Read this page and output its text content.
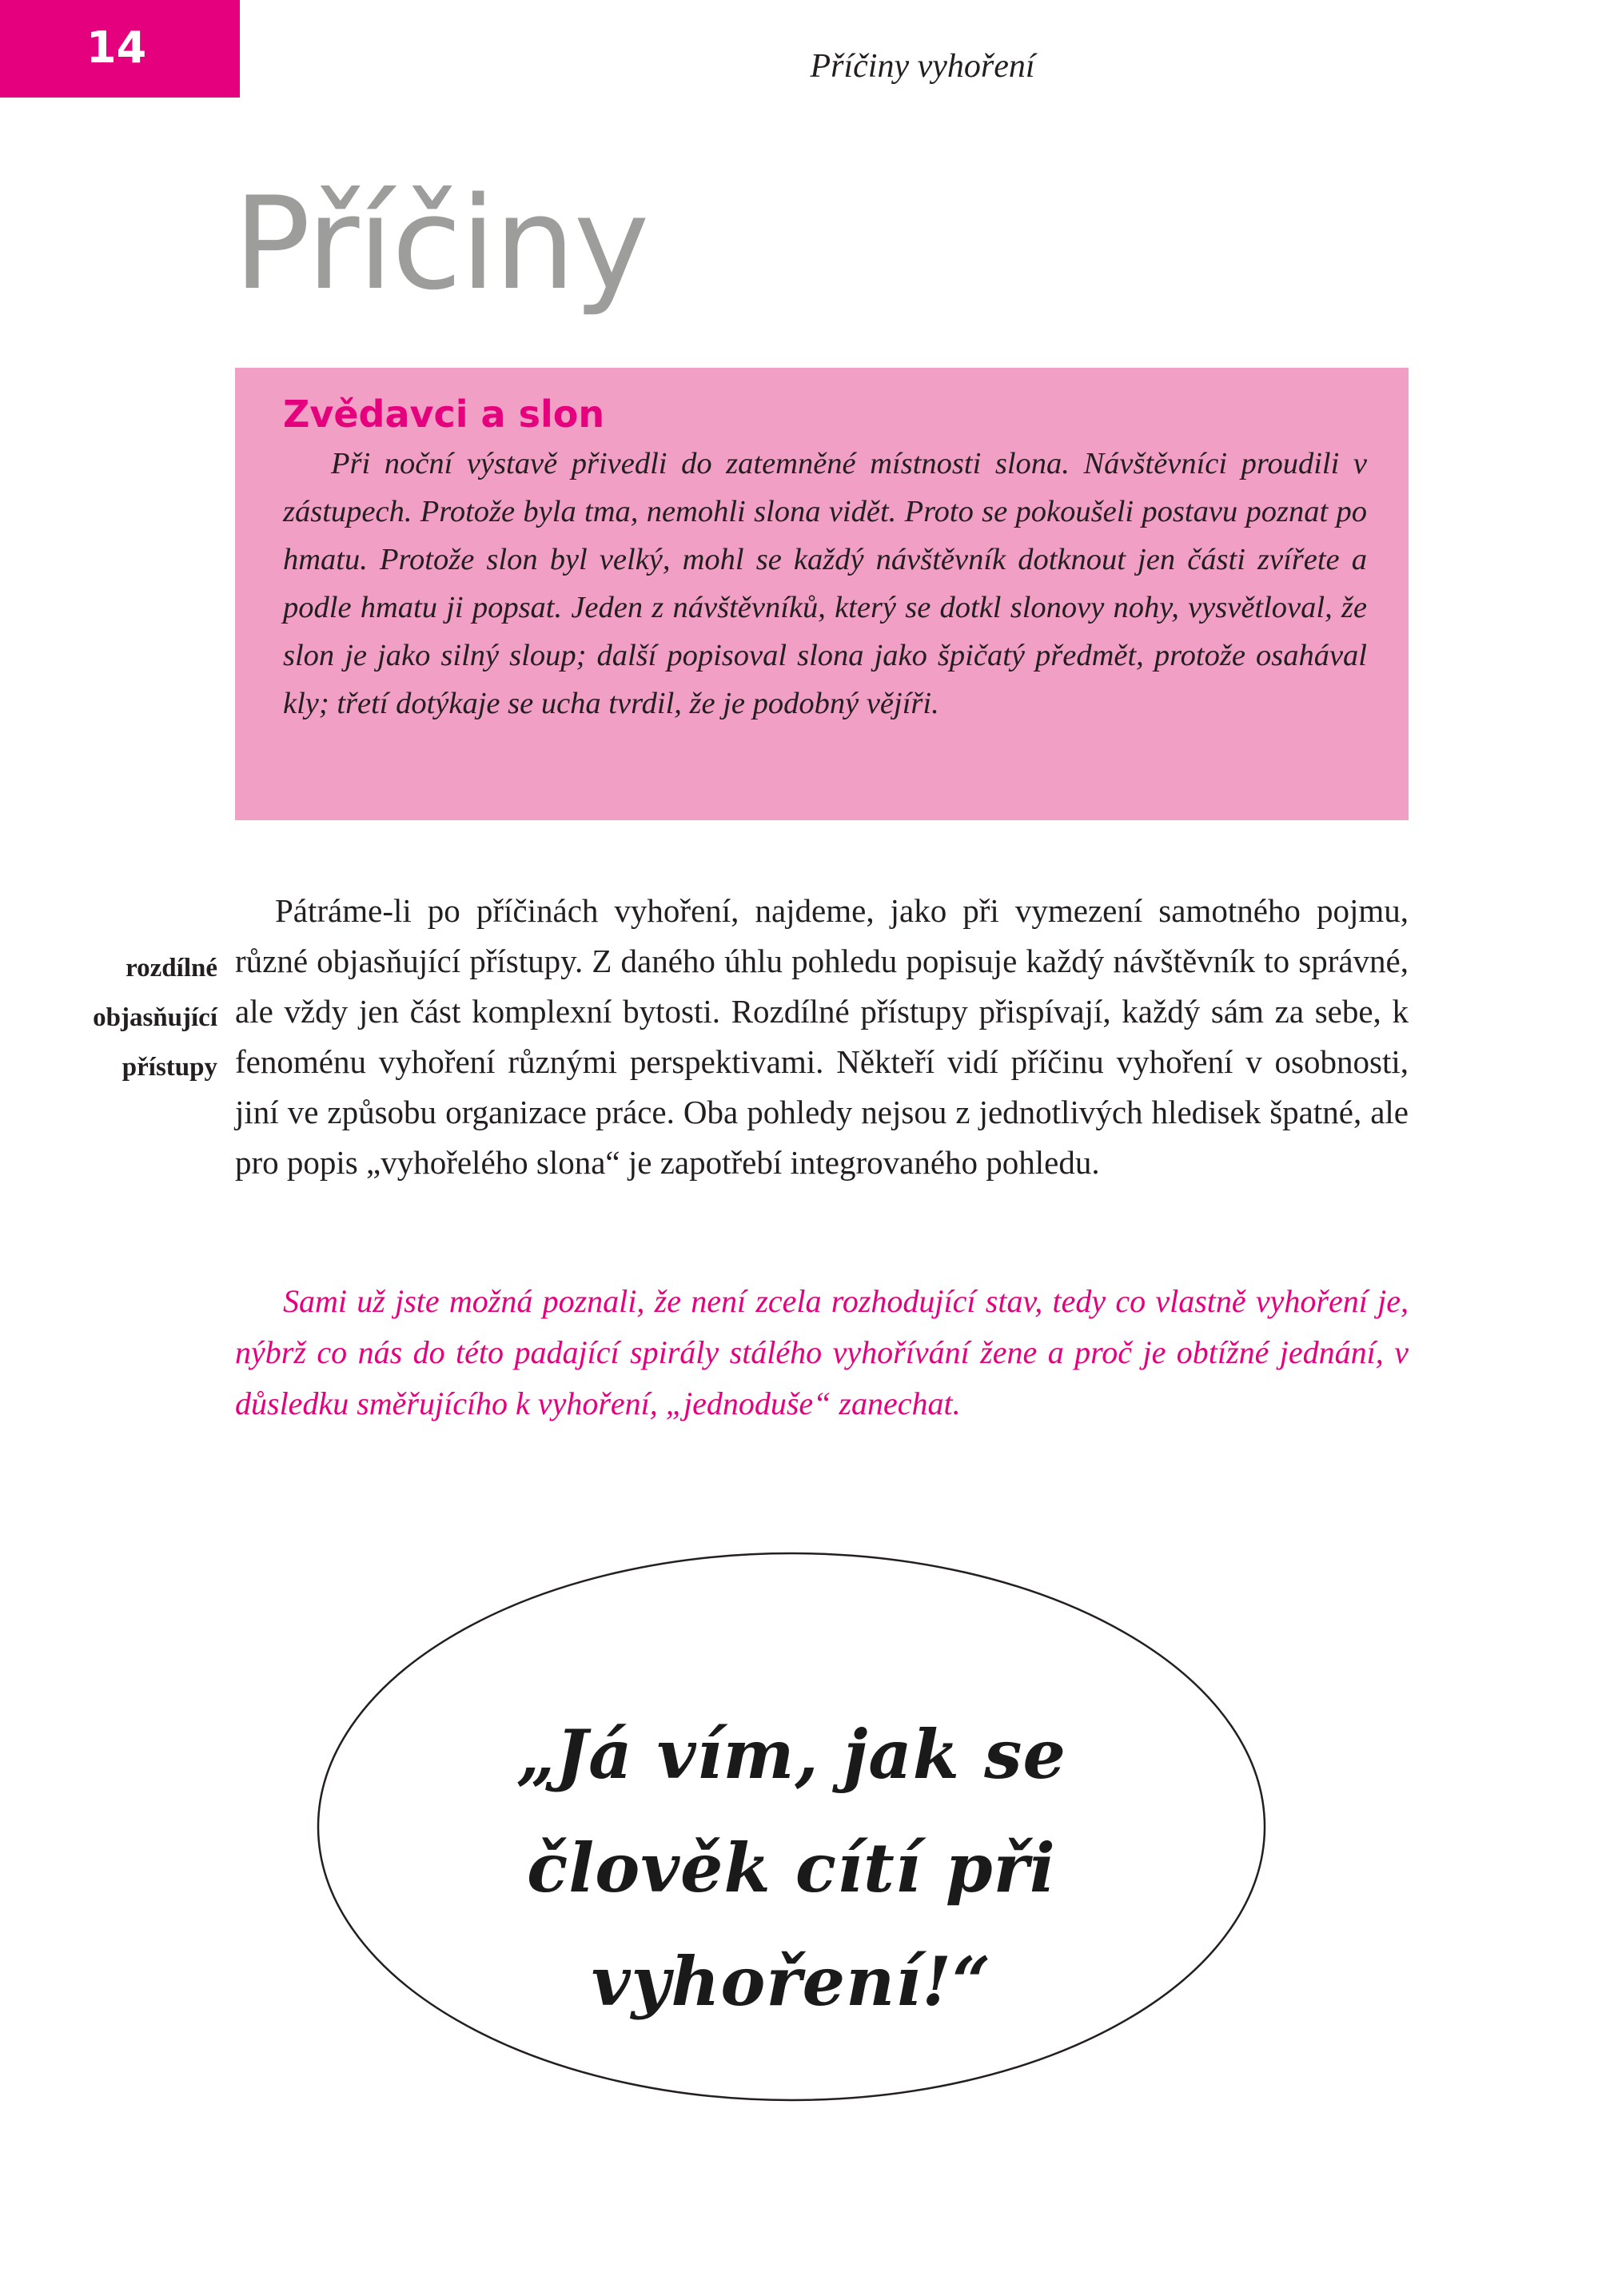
14	Příčiny vyhoření
Příčiny
Zvědavci a slon

Při noční výstavě přivedli do zatemněné místnosti slona. Návštěvníci proudili v zástupech. Protože byla tma, nemohli slona vidět. Proto se pokoušeli postavu poznat po hmatu. Protože slon byl velký, mohl se každý návštěvník dotknout jen části zvířete a podle hmatu ji popsat. Jeden z návštěvníků, který se dotkl slonovy nohy, vysvětloval, že slon je jako silný sloup; další popisoval slona jako špičatý předmět, protože osahával kly; třetí dotýkaje se ucha tvrdil, že je podobný vějíři.

rozdílné
objasňující
přístupy

Pátráme-li po příčinách vyhoření, najdeme, jako při vymezení samotného pojmu, různé objasňující přístupy. Z daného úhlu pohledu popisuje každý návštěvník to správné, ale vždy jen část komplexní bytosti. Rozdílné přístupy přispívají, každý sám za sebe, k fenoménu vyhoření různými perspektivami. Někteří vidí příčinu vyhoření v osobnosti, jiní ve způsobu organizace práce. Oba pohledy nejsou z jednotlivých hledisek špatné, ale pro popis „vyhořelého slona“ je zapotřebí integrovaného pohledu.

Sami už jste možná poznali, že není zcela rozhodující stav, tedy co vlastně vyhoření je, nýbrž co nás do této padající spirály stálého vyhořívání žene a proč je obtížné jednání, v důsledku směřujícího k vyhoření, „jednoduše“ zanechat.

„Já vím, jak se
člověk cítí při vyhoření!“
